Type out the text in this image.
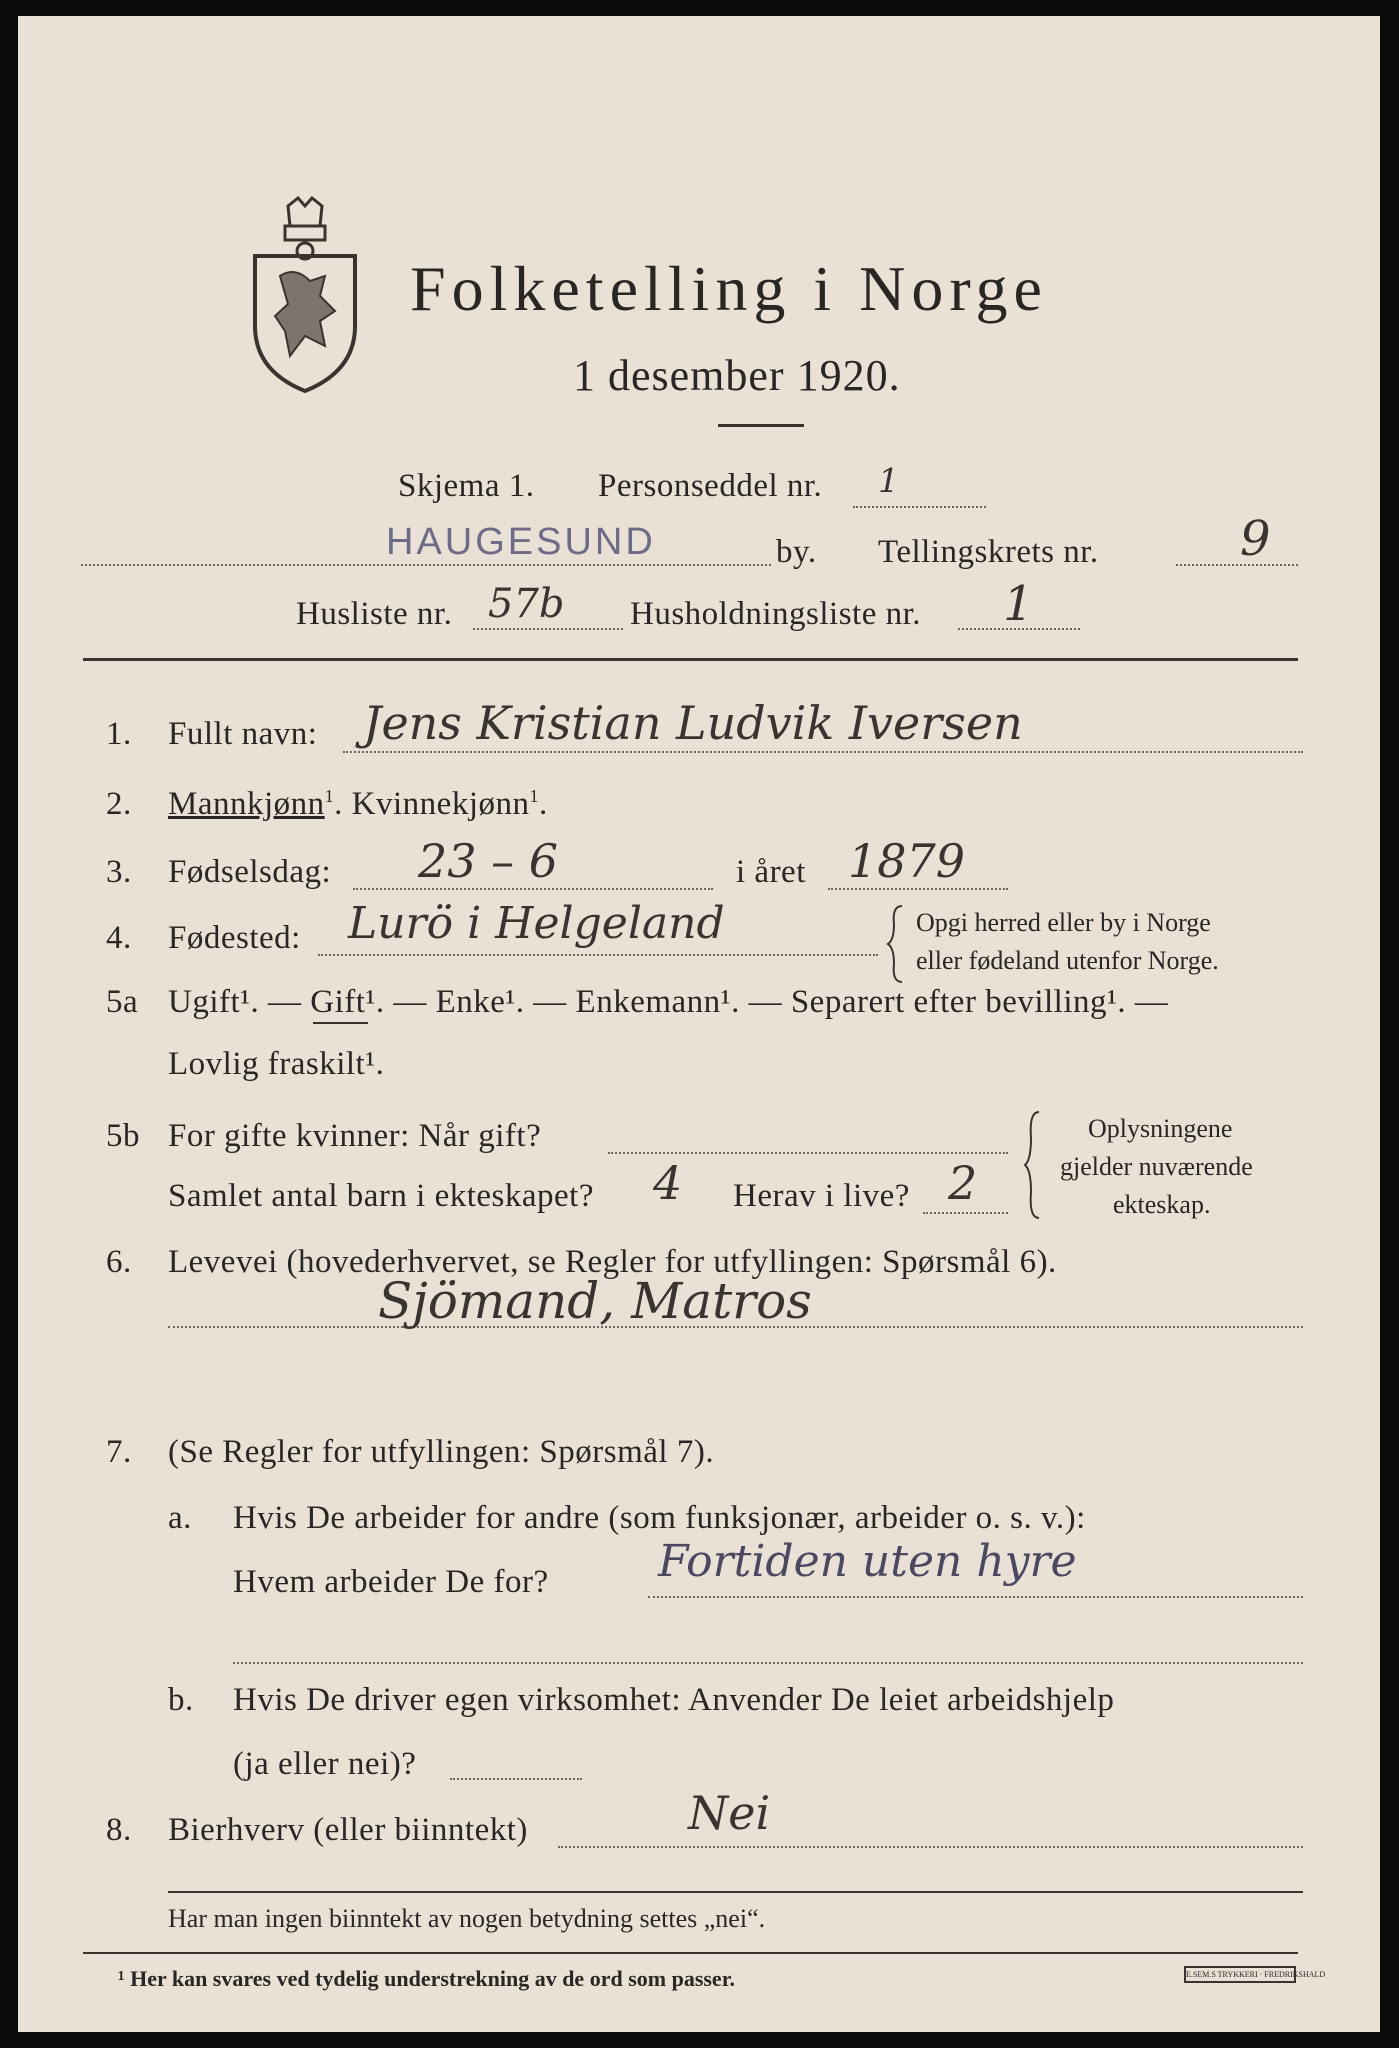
Folketelling i Norge
1 desember 1920.
Skjema 1. Personseddel nr. 1
HAUGESUND	by. Tellingskrets nr.	9
Husliste nr. 57b Husholdningsliste nr. 1
1. Fullt navn: Jens Kristian Ludvik Iversen
2. Mannkjønn$^1$. Kvinnekjønn$^1$.
3. Fødselsdag: 23 – 6	i året 1879
4. Fødested: Lurö i Helgeland	Opgi herred eller by i Norge
eller fødeland utenfor Norge.
5a Ugift¹. — Gift¹. — Enke¹. — Enkemann¹. — Separert efter bevilling¹. —
Lovlig fraskilt¹.
5b For gifte kvinner: Når gift?
Samlet antal barn i ekteskapet? 4 Herav i live? 2
Oplysningene
gjelder nuværende
ekteskap.
6. Levevei (hovederhvervet, se Regler for utfyllingen: Spørsmål 6).
Sjömand, Matros
7. (Se Regler for utfyllingen: Spørsmål 7).
a. Hvis De arbeider for andre (som funksjonær, arbeider o. s. v.):
Hvem arbeider De for? Fortiden uten hyre
b. Hvis De driver egen virksomhet: Anvender De leiet arbeidshjelp
(ja eller nei)?
8. Bierhverv (eller biinntekt)	Nei
Har man ingen biinntekt av nogen betydning settes „nei“.
¹ Her kan svares ved tydelig understrekning av de ord som passer.	E.SEM.S TRYKKERI · FREDRIKSHALD
